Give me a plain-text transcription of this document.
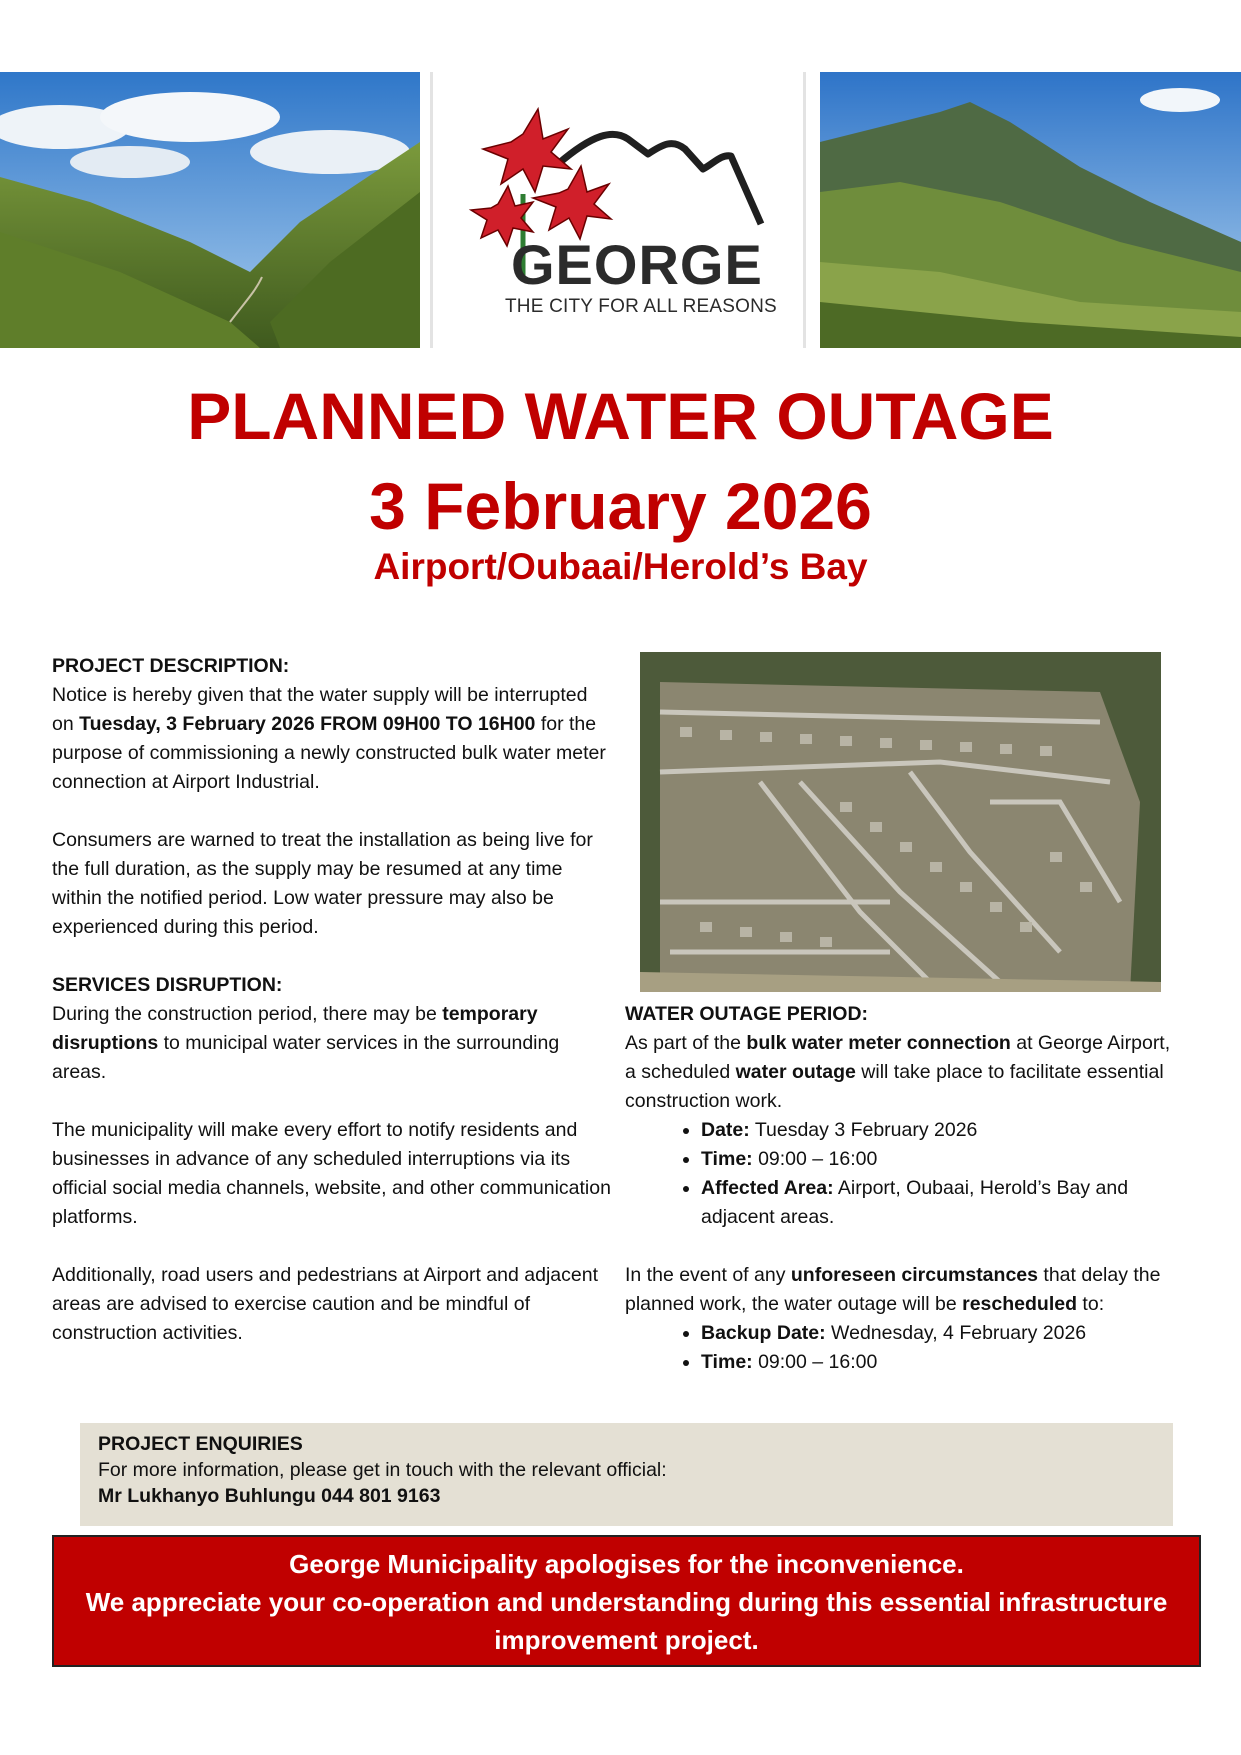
GEORGE
THE CITY FOR ALL REASONS
PLANNED WATER OUTAGE
3 February 2026
Airport/Oubaai/Herold’s Bay

PROJECT DESCRIPTION:
Notice is hereby given that the water supply will be interrupted on Tuesday, 3 February 2026 FROM 09H00 TO 16H00 for the purpose of commissioning a newly constructed bulk water meter connection at Airport Industrial.

Consumers are warned to treat the installation as being live for the full duration, as the supply may be resumed at any time within the notified period. Low water pressure may also be experienced during this period.

SERVICES DISRUPTION:
During the construction period, there may be temporary disruptions to municipal water services in the surrounding areas.

The municipality will make every effort to notify residents and businesses in advance of any scheduled interruptions via its official social media channels, website, and other communication platforms.

Additionally, road users and pedestrians at Airport and adjacent areas are advised to exercise caution and be mindful of construction activities.

WATER OUTAGE PERIOD:

As part of the bulk water meter connection at George Airport, a scheduled water outage will take place to facilitate essential construction work.

• Date: Tuesday 3 February 2026
• Time: 09:00 – 16:00
• Affected Area: Airport, Oubaai, Herold’s Bay and adjacent areas.

In the event of any unforeseen circumstances that delay the planned work, the water outage will be rescheduled to:

• Backup Date: Wednesday, 4 February 2026
• Time: 09:00 – 16:00
PROJECT ENQUIRIES
For more information, please get in touch with the relevant official:
Mr Lukhanyo Buhlungu 044 801 9163
George Municipality apologises for the inconvenience.
We appreciate your co-operation and understanding during this essential infrastructure improvement project.
